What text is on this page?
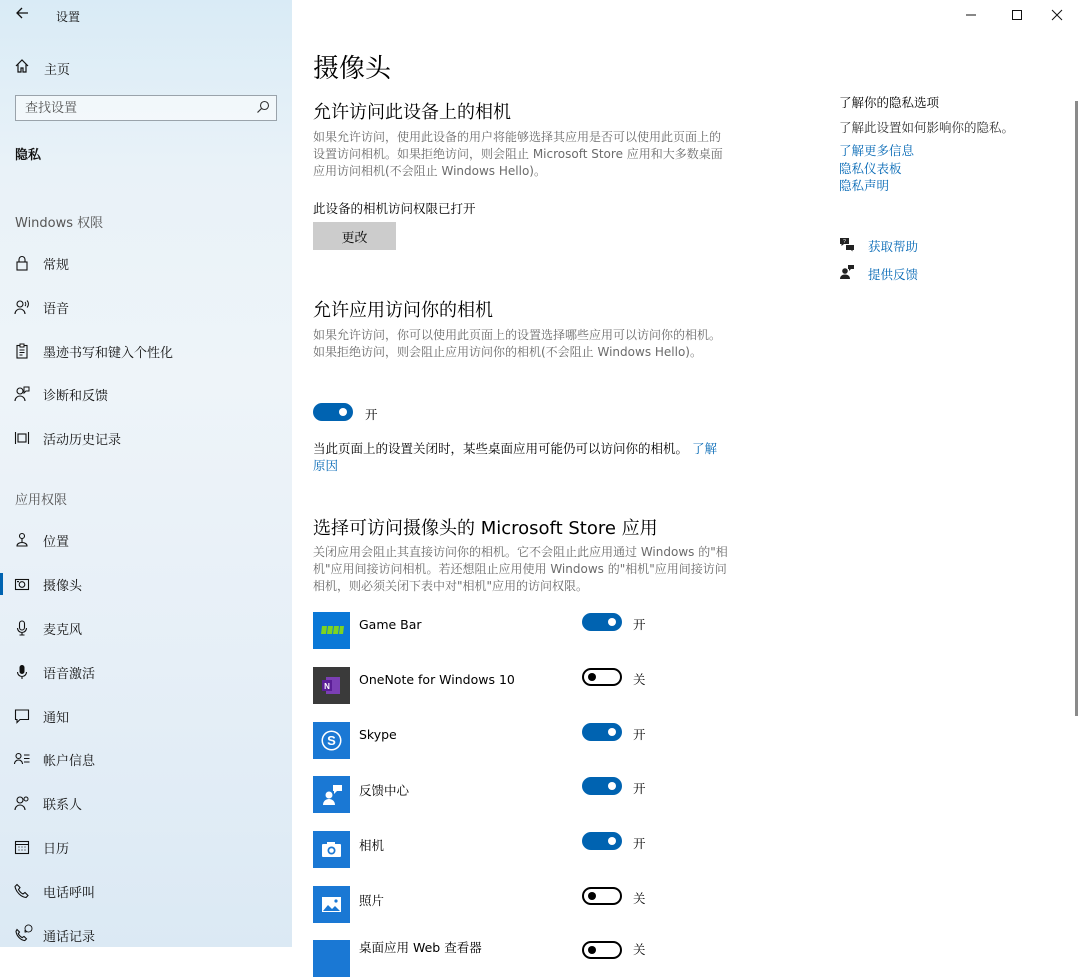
设置
主页
查找设置
隐私
Windows 权限
常规
语音
墨迹书写和键入个性化
诊断和反馈
活动历史记录
应用权限
位置
摄像头
麦克风
语音激活
通知
帐户信息
联系人
日历
电话呼叫
通话记录
摄像头
允许访问此设备上的相机
如果允许访问，使用此设备的用户将能够选择其应用是否可以使用此页面上的设置访问相机。如果拒绝访问，则会阻止 Microsoft Store 应用和大多数桌面应用访问相机(不会阻止 Windows Hello)。
此设备的相机访问权限已打开
更改
允许应用访问你的相机
如果允许访问，你可以使用此页面上的设置选择哪些应用可以访问你的相机。如果拒绝访问，则会阻止应用访问你的相机(不会阻止 Windows Hello)。
开
当此页面上的设置关闭时，某些桌面应用可能仍可以访问你的相机。 了解原因
选择可访问摄像头的 Microsoft Store 应用
关闭应用会阻止其直接访问你的相机。它不会阻止此应用通过 Windows 的"相机"应用间接访问相机。若还想阻止应用使用 Windows 的"相机"应用间接访问相机，则必须关闭下表中对"相机"应用的访问权限。
Game Bar	开
N OneNote for Windows 10	关
S Skype	开
反馈中心	开
相机	开
照片	关
桌面应用 Web 查看器	关
了解你的隐私选项
了解此设置如何影响你的隐私。
了解更多信息
隐私仪表板
隐私声明
? 获取帮助
提供反馈
